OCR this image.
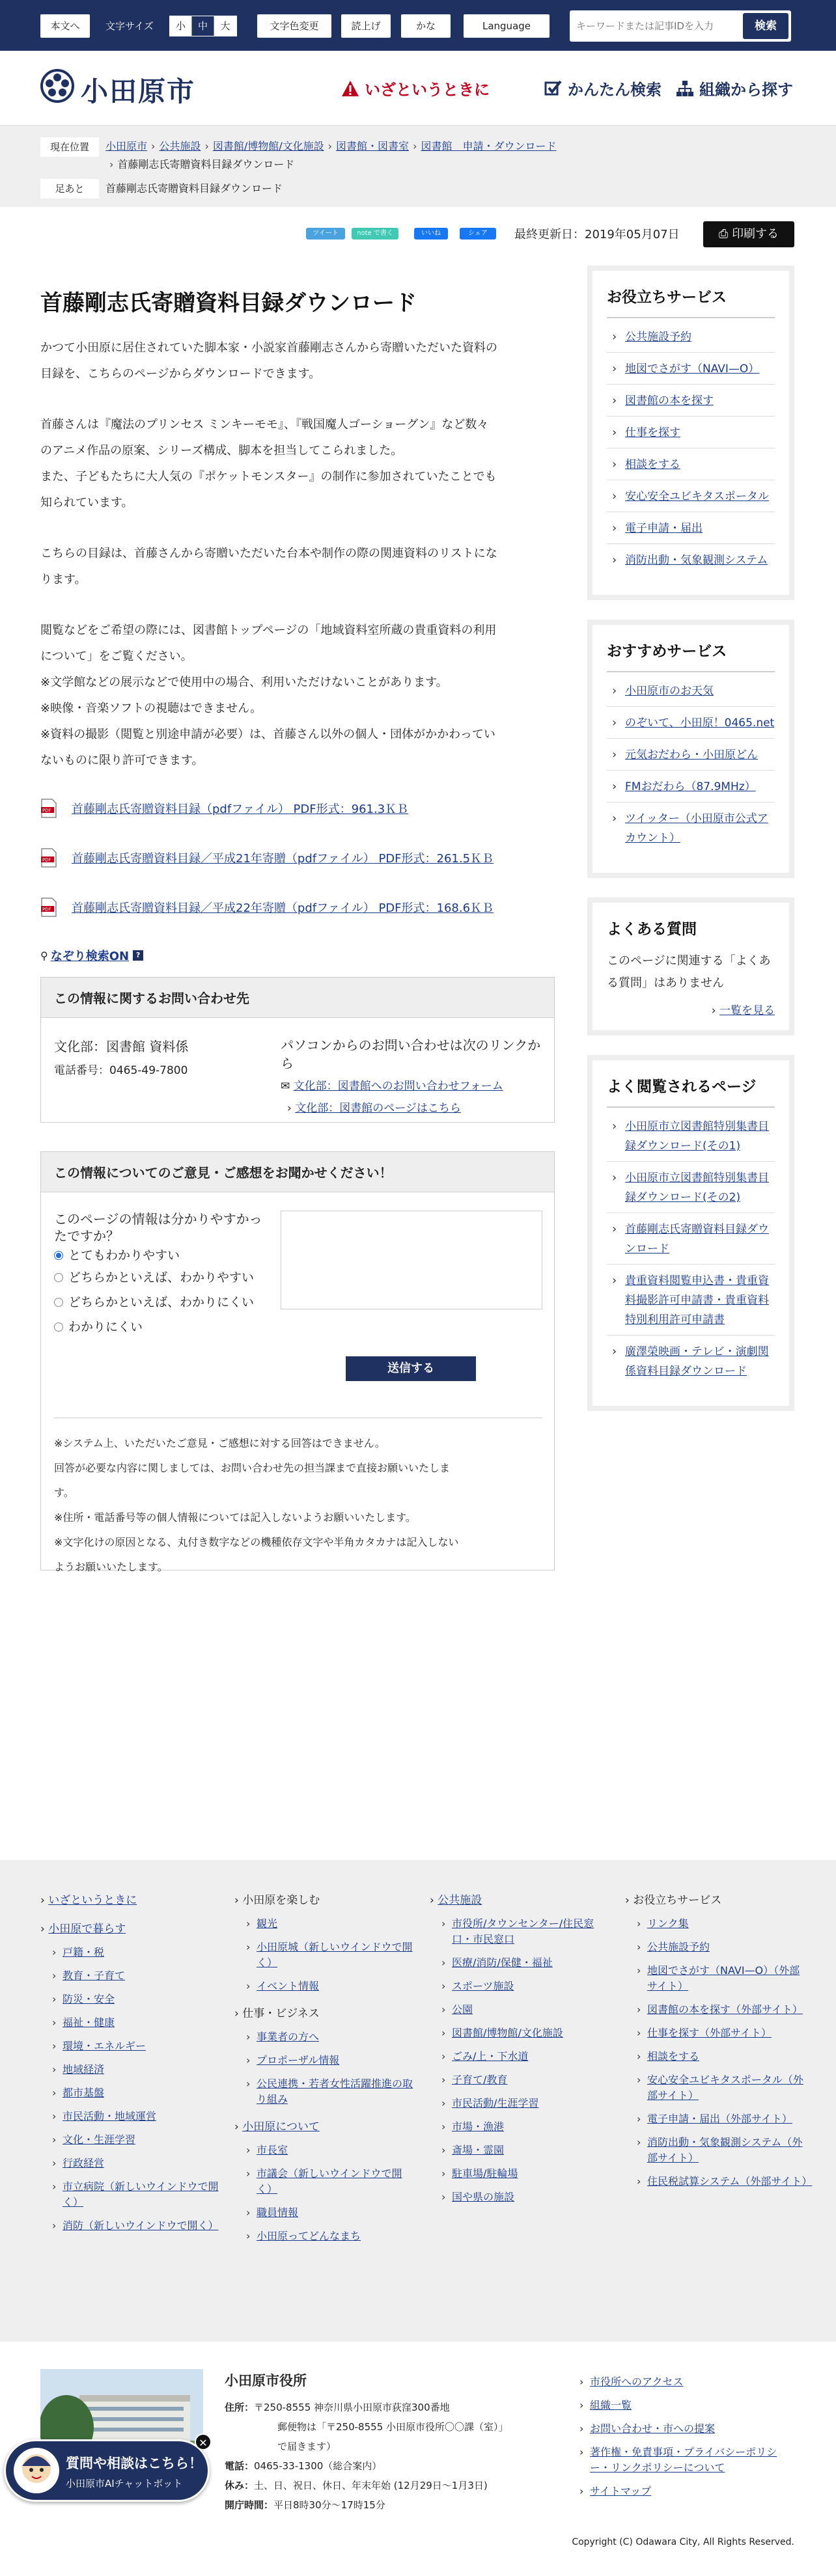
本文へ	文字サイズ	小	中	大	文字色変更	読上げ	かな	Language
キーワードまたは記事IDを入力	検索
小田原市	いざというときに	かんたん検索 組織から探す
現在位置	小田原市 › 公共施設 › 図書館/博物館/文化施設 › 図書館・図書室 › 図書館　申請・ダウンロード
› 首藤剛志氏寄贈資料目録ダウンロード
足あと	首藤剛志氏寄贈資料目録ダウンロード
ツイート	note で書く	いいね	シェア	最終更新日：2019年05月07日	⎙ 印刷する
首藤剛志氏寄贈資料目録ダウンロード

かつて小田原に居住されていた脚本家・小説家首藤剛志さんから寄贈いただいた資料の

目録を、こちらのページからダウンロードできます。

首藤さんは『魔法のプリンセス ミンキーモモ』、『戦国魔人ゴーショーグン』など数々

のアニメ作品の原案、シリーズ構成、脚本を担当してこられました。

また、子どもたちに大人気の『ポケットモンスター』の制作に参加されていたことでも

知られています。

こちらの目録は、首藤さんから寄贈いただいた台本や制作の際の関連資料のリストにな

ります。

閲覧などをご希望の際には、図書館トップページの「地域資料室所蔵の貴重資料の利用

について」をご覧ください。

※文学館などの展示などで使用中の場合、利用いただけないことがあります。

※映像・音楽ソフトの視聴はできません。

※資料の撮影（閲覧と別途申請が必要）は、首藤さん以外の個人・団体がかかわってい

ないものに限り許可できます。

PDF 首藤剛志氏寄贈資料目録（pdfファイル） PDF形式：961.3ＫＢ
PDF 首藤剛志氏寄贈資料目録／平成21年寄贈（pdfファイル） PDF形式：261.5ＫＢ
PDF 首藤剛志氏寄贈資料目録／平成22年寄贈（pdfファイル） PDF形式：168.6ＫＢ
⚲ なぞり検索ON ?
この情報に関するお問い合わせ先
文化部：図書館 資料係
電話番号：0465-49-7800
パソコンからのお問い合わせは次のリンクから
✉ 文化部：図書館へのお問い合わせフォーム
› 文化部：図書館のページはこちら
この情報についてのご意見・ご感想をお聞かせください！
このページの情報は分かりやすかったですか？
とてもわかりやすい
どちらかといえば、わかりやすい
どちらかといえば、わかりにくい
わかりにくい
送信する

※システム上、いただいたご意見・ご感想に対する回答はできません。

回答が必要な内容に関しましては、お問い合わせ先の担当課まで直接お願いいたしま

す。

※住所・電話番号等の個人情報については記入しないようお願いいたします。

※文字化けの原因となる、丸付き数字などの機種依存文字や半角カタカナは記入しない

ようお願いいたします。

お役立ちサービス
› 公共施設予約
› 地図でさがす（NAVI—O）
› 図書館の本を探す
› 仕事を探す
› 相談をする
› 安心安全ユビキタスポータル
› 電子申請・届出
› 消防出動・気象観測システム
おすすめサービス
› 小田原市のお天気
› のぞいて、小田原！0465.net
› 元気おだわら・小田原どん
› FMおだわら（87.9MHz）
› ツイッター（小田原市公式アカウント）
よくある質問

このページに関連する「よくある質問」はありません

› 一覧を見る
よく閲覧されるページ
› 小田原市立図書館特別集書目録ダウンロード(その1)
› 小田原市立図書館特別集書目録ダウンロード(その2)
› 首藤剛志氏寄贈資料目録ダウンロード
› 貴重資料閲覧申込書・貴重資料撮影許可申請書・貴重資料特別利用許可申請書
› 廣澤榮映画・テレビ・演劇関係資料目録ダウンロード
› いざというときに
› 小田原で暮らす
› 戸籍・税
› 教育・子育て
› 防災・安全
› 福祉・健康
› 環境・エネルギー
› 地域経済
› 都市基盤
› 市民活動・地域運営
› 文化・生涯学習
› 行政経営
› 市立病院（新しいウインドウで開く）
› 消防（新しいウインドウで開く）
› 小田原を楽しむ
› 観光
› 小田原城（新しいウインドウで開く）
› イベント情報
› 仕事・ビジネス
› 事業者の方へ
› プロポーザル情報
› 公民連携・若者女性活躍推進の取り組み
› 小田原について
› 市長室
› 市議会（新しいウインドウで開く）
› 職員情報
› 小田原ってどんなまち
› 公共施設
› 市役所/タウンセンター/住民窓口・市民窓口
› 医療/消防/保健・福祉
› スポーツ施設
› 公園
› 図書館/博物館/文化施設
› ごみ/上・下水道
› 子育て/教育
› 市民活動/生涯学習
› 市場・漁港
› 斎場・霊園
› 駐車場/駐輪場
› 国や県の施設
› お役立ちサービス
› リンク集
› 公共施設予約
› 地図でさがす（NAVI—O）（外部サイト）
› 図書館の本を探す（外部サイト）
› 仕事を探す（外部サイト）
› 相談をする
› 安心安全ユビキタスポータル（外部サイト）
› 電子申請・届出（外部サイト）
› 消防出動・気象観測システム（外部サイト）
› 住民税試算システム（外部サイト）
小田原市役所
住所： 〒250-8555 神奈川県小田原市荻窪300番地
郵便物は「〒250-8555 小田原市役所〇〇課（室）」
で届きます）
電話：0465-33-1300（総合案内）
休み：土、日、祝日、休日、年末年始 (12月29日～1月3日)
開庁時間：平日8時30分～17時15分
› 市役所へのアクセス
› 組織一覧
› お問い合わせ・市への提案
› 著作権・免責事項・プライバシーポリシー・リンクポリシーについて
› サイトマップ
Copyright (C) Odawara City, All Rights Reserved.
質問や相談はこちら！
小田原市AIチャットボット
✕
